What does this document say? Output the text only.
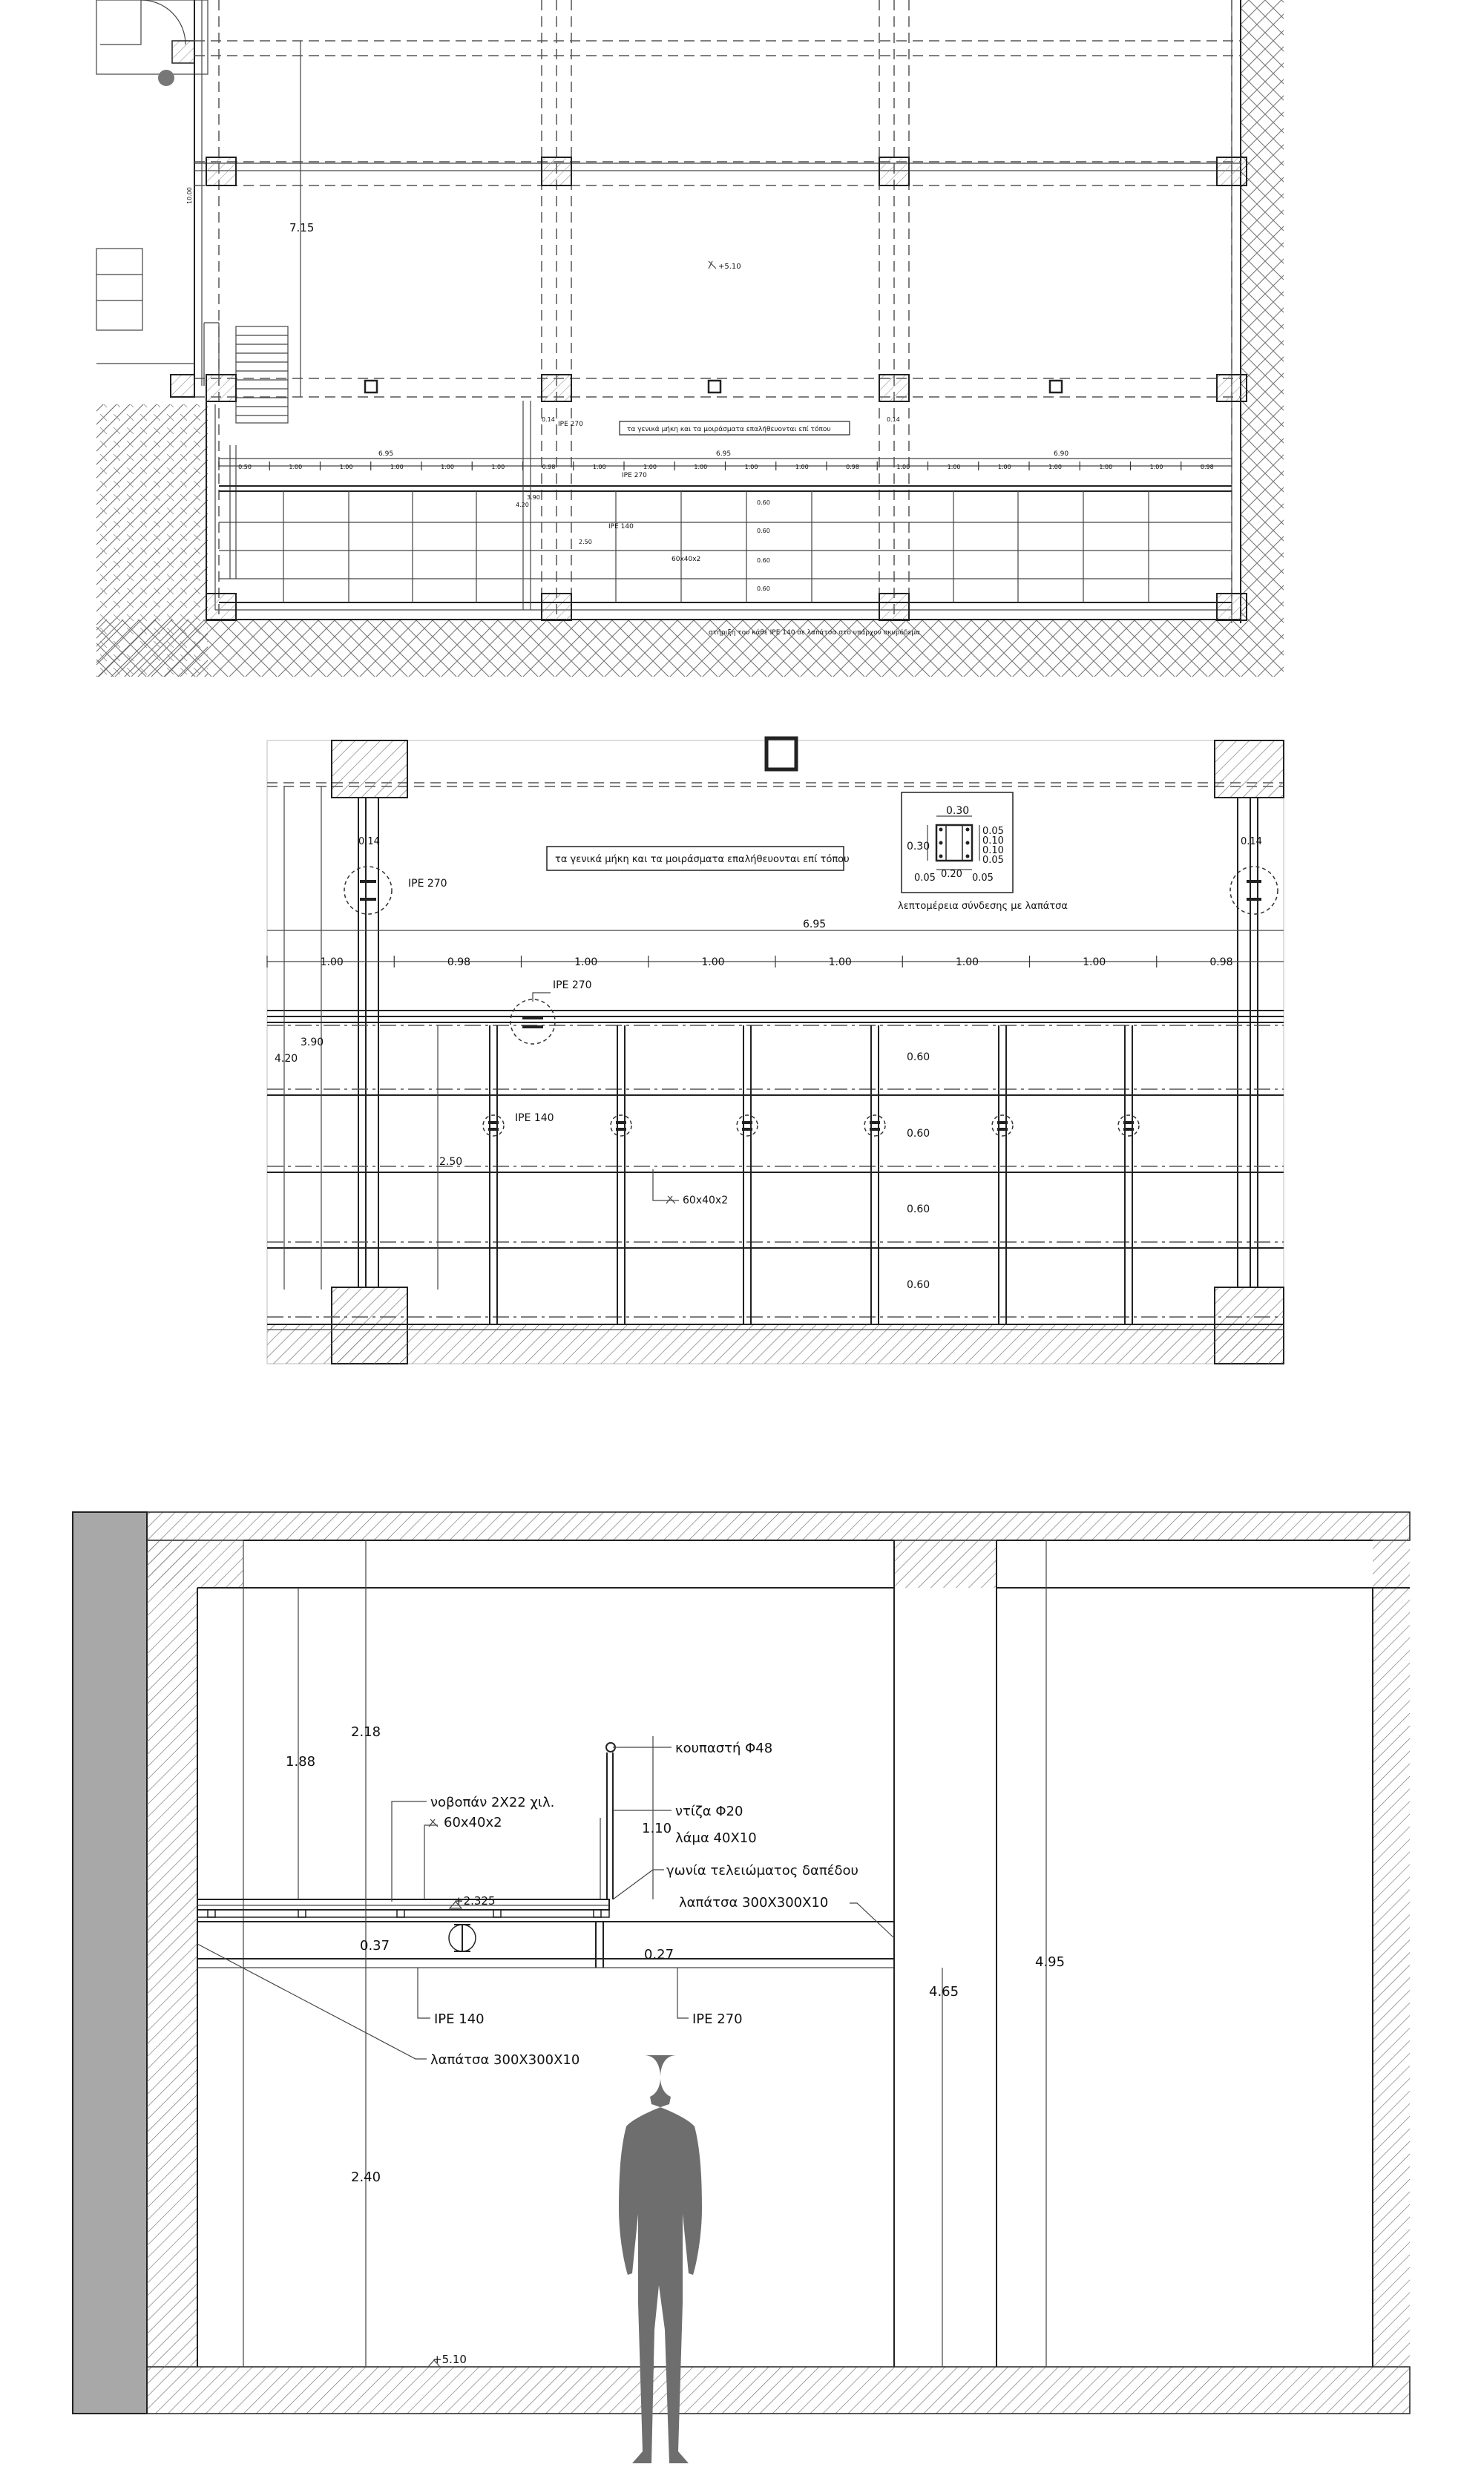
7.15
10.00
+5.10
τα γενικά μήκη και τα μοιράσματα επαλήθευονται επί τόπου
6.95	6.95	6.90
0.50	1.00	1.00	1.00	1.00	1.00	0.98	1.00	1.00	1.00	1.00	1.00	0.98	1.00	1.00	1.00	1.00	1.00	1.00	0.98
IPE 270
IPE 270
IPE 140
60x40x2
0.14	0.14
3.90
4.20
2.50
0.60
0.60
0.60
0.60
στήριξη του κάθε IPE 140 σε λαπάτσα στο υπάρχον σκυρόδεμα
τα γενικά μήκη και τα μοιράσματα επαλήθευονται επί τόπου
0.30
0.30
0.05
0.10
0.10
0.05
0.05 0.20 0.05
λεπτομέρεια σύνδεσης με λαπάτσα
6.95
1.00	0.98	1.00	1.00	1.00	1.00	1.00	0.98
0.14	0.14
IPE 270
IPE 270
IPE 140
60x40x2
3.90
4.20
2.50
0.60
0.60
0.60
0.60
1.88
2.18
1.10
0.37
0.27
2.40
4.65
4.95
+2.325
+5.10
κουπαστή Φ48
ντίζα Φ20
λάμα 40Χ10
γωνία τελειώματος δαπέδου
λαπάτσα 300Χ300Χ10
νοβοπάν 2Χ22 χιλ.
60x40x2
IPE 140	IPE 270
λαπάτσα 300Χ300Χ10
